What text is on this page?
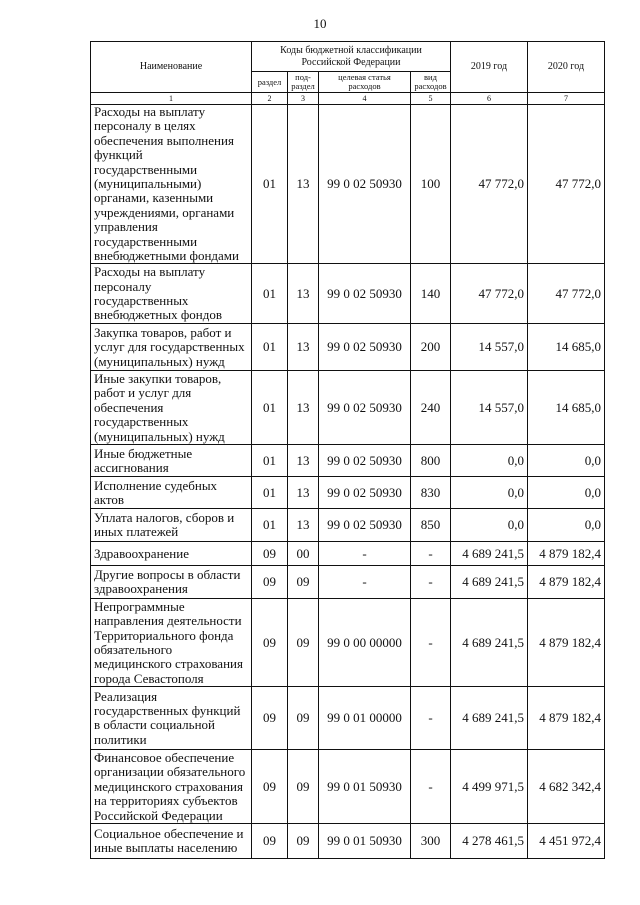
10
Наименование	Коды бюджетной классификации Российской Федерации				2019 год	2020 год
	раздел	под-раздел	целевая статья расходов	вид расходов		
1	2	3	4	5	6	7
Расходы на выплату персоналу в целях обеспечения выполнения функций государственными (муниципальными) органами, казенными учреждениями, органами управления государственными внебюджетными фондами	01	13	99 0 02 50930	100	47 772,0	47 772,0
Расходы на выплату персоналу государственных внебюджетных фондов	01	13	99 0 02 50930	140	47 772,0	47 772,0
Закупка товаров, работ и услуг для государственных (муниципальных) нужд	01	13	99 0 02 50930	200	14 557,0	14 685,0
Иные закупки товаров, работ и услуг для обеспечения государственных (муниципальных) нужд	01	13	99 0 02 50930	240	14 557,0	14 685,0
Иные бюджетные ассигнования	01	13	99 0 02 50930	800	0,0	0,0
Исполнение судебных актов	01	13	99 0 02 50930	830	0,0	0,0
Уплата налогов, сборов и иных платежей	01	13	99 0 02 50930	850	0,0	0,0
Здравоохранение	09	00	-	-	4 689 241,5	4 879 182,4
Другие вопросы в области здравоохранения	09	09	-	-	4 689 241,5	4 879 182,4
Непрограммные направления деятельности Территориального фонда обязательного медицинского страхования города Севастополя	09	09	99 0 00 00000	-	4 689 241,5	4 879 182,4
Реализация государственных функций в области социальной политики	09	09	99 0 01 00000	-	4 689 241,5	4 879 182,4
Финансовое обеспечение организации обязательного медицинского страхования на территориях субъектов Российской Федерации	09	09	99 0 01 50930	-	4 499 971,5	4 682 342,4
Социальное обеспечение и иные выплаты населению	09	09	99 0 01 50930	300	4 278 461,5	4 451 972,4
